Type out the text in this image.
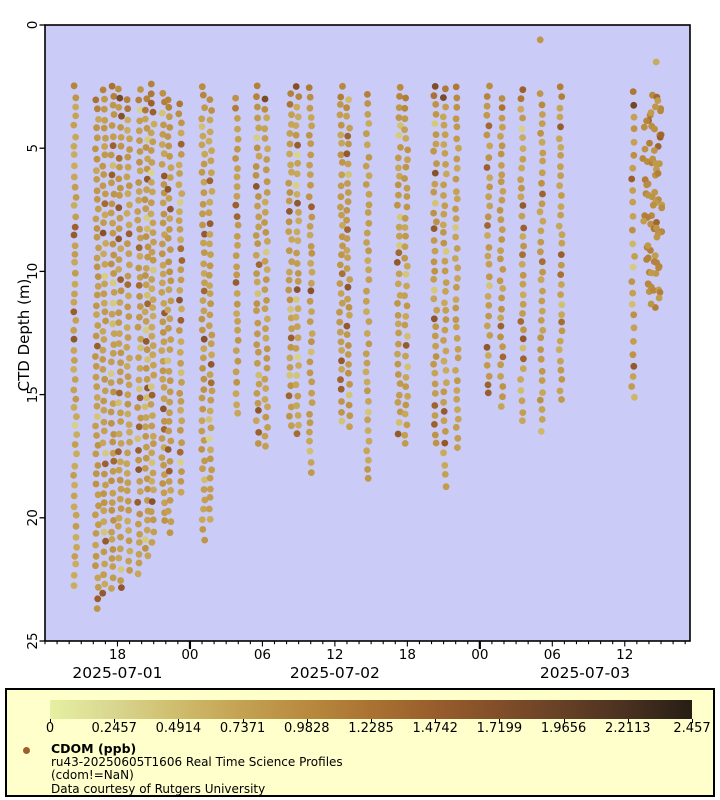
0
5
10
15
20
25
18	00	06	12	18	00	06	12
2025-07-01	2025-07-02	2025-07-03
CTD Depth (m)
0	0.2457	0.4914	0.7371	0.9828	1.2285	1.4742	1.7199	1.9656	2.2113	2.457
CDOM (ppb)
ru43-20250605T1606 Real Time Science Profiles
(cdom!=NaN)
Data courtesy of Rutgers University
